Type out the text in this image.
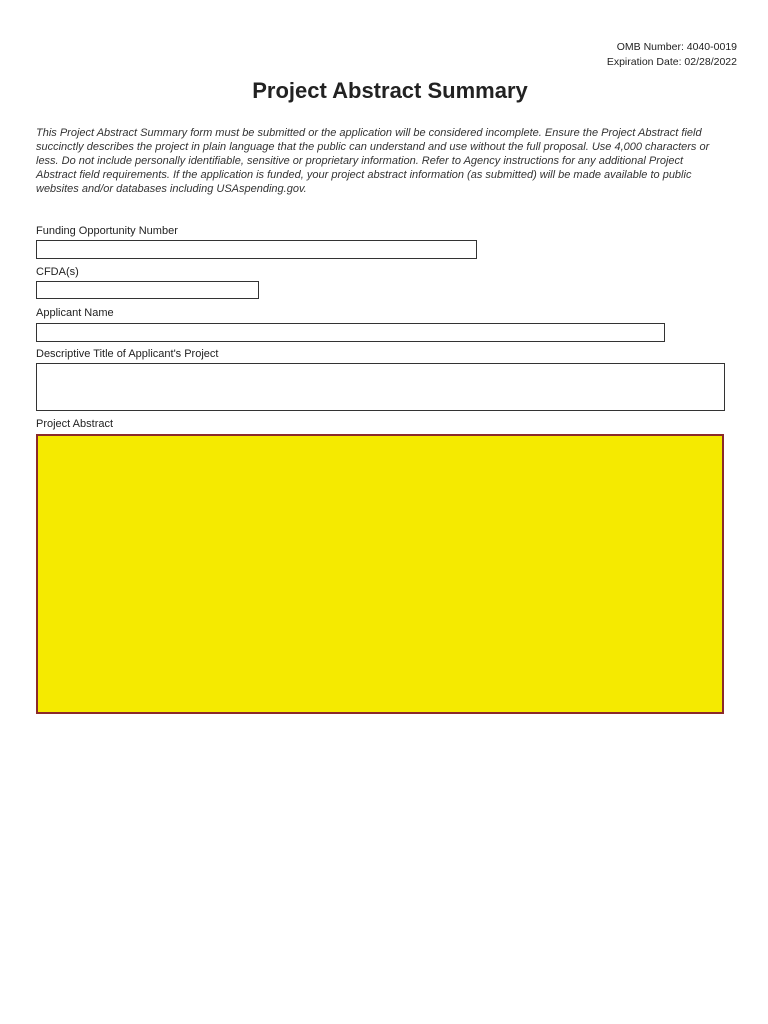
OMB Number: 4040-0019
Expiration Date: 02/28/2022
Project Abstract Summary

This Project Abstract Summary form must be submitted or the application will be considered incomplete. Ensure the Project Abstract field succinctly describes the project in plain language that the public can understand and use without the full proposal. Use 4,000 characters or less. Do not include personally identifiable, sensitive or proprietary information. Refer to Agency instructions for any additional Project Abstract field requirements. If the application is funded, your project abstract information (as submitted) will be made available to public websites and/or databases including USAspending.gov.

Funding Opportunity Number
CFDA(s)
Applicant Name
Descriptive Title of Applicant's Project
Project Abstract
